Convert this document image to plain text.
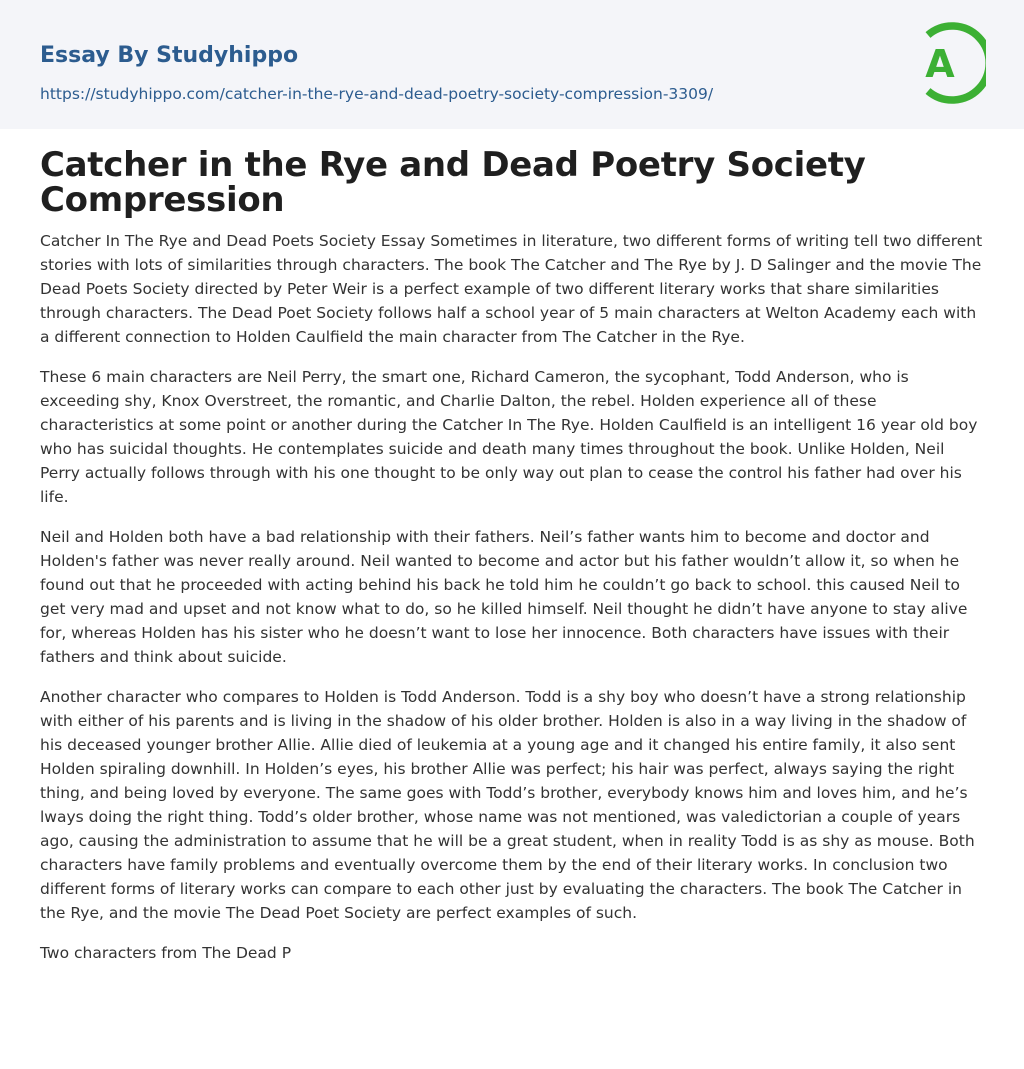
Essay By Studyhippo
https://studyhippo.com/catcher-in-the-rye-and-dead-poetry-society-compression-3309/
A
Catcher in the Rye and Dead Poetry Society Compression

Catcher In The Rye and Dead Poets Society Essay Sometimes in literature, two different forms of writing tell two different stories with lots of similarities through characters. The book The Catcher and The Rye by J. D Salinger and the movie The Dead Poets Society directed by Peter Weir is a perfect example of two different literary works that share similarities through characters. The Dead Poet Society follows half a school year of 5 main characters at Welton Academy each with a different connection to Holden Caulfield the main character from The Catcher in the Rye.

These 6 main characters are Neil Perry, the smart one, Richard Cameron, the sycophant, Todd Anderson, who is exceeding shy, Knox Overstreet, the romantic, and Charlie Dalton, the rebel. Holden experience all of these characteristics at some point or another during the Catcher In The Rye. Holden Caulfield is an intelligent 16 year old boy who has suicidal thoughts. He contemplates suicide and death many times throughout the book. Unlike Holden, Neil Perry actually follows through with his one thought to be only way out plan to cease the control his father had over his life.

Neil and Holden both have a bad relationship with their fathers. Neil’s father wants him to become and doctor and Holden's father was never really around. Neil wanted to become and actor but his father wouldn’t allow it, so when he found out that he proceeded with acting behind his back he told him he couldn’t go back to school. this caused Neil to get very mad and upset and not know what to do, so he killed himself. Neil thought he didn’t have anyone to stay alive for, whereas Holden has his sister who he doesn’t want to lose her innocence. Both characters have issues with their fathers and think about suicide.

Another character who compares to Holden is Todd Anderson. Todd is a shy boy who doesn’t have a strong relationship with either of his parents and is living in the shadow of his older brother. Holden is also in a way living in the shadow of his deceased younger brother Allie. Allie died of leukemia at a young age and it changed his entire family, it also sent Holden spiraling downhill. In Holden’s eyes, his brother Allie was perfect; his hair was perfect, always saying the right thing, and being loved by everyone. The same goes with Todd’s brother, everybody knows him and loves him, and he’s lways doing the right thing. Todd’s older brother, whose name was not mentioned, was valedictorian a couple of years ago, causing the administration to assume that he will be a great student, when in reality Todd is as shy as mouse. Both characters have family problems and eventually overcome them by the end of their literary works. In conclusion two different forms of literary works can compare to each other just by evaluating the characters. The book The Catcher in the Rye, and the movie The Dead Poet Society are perfect examples of such.

Two characters from The Dead P
